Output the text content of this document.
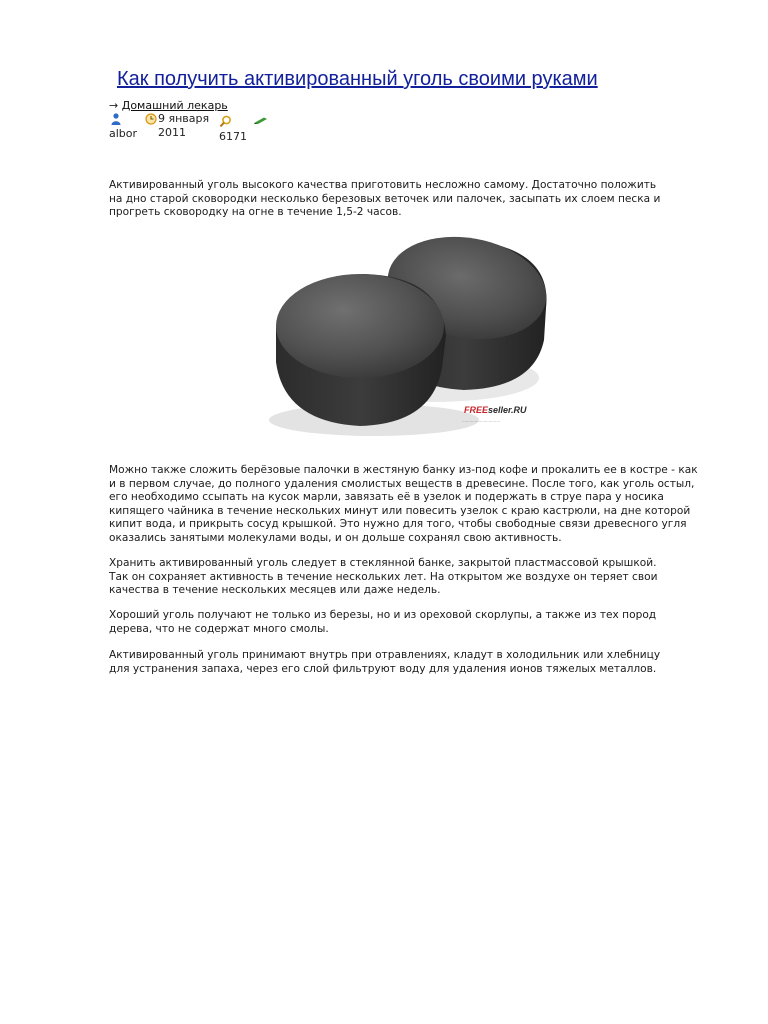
Как получить активированный уголь своими руками
→ Домашний лекарь
albor
9 января
2011	6171

Активированный уголь высокого качества приготовить несложно самому. Достаточно положить на дно старой сковородки несколько березовых веточек или палочек, засыпать их слоем песка и прогреть сковородку на огне в течение 1,5-2 часов.

FREEseller.RU
······························

Можно также сложить берёзовые палочки в жестяную банку из-под кофе и прокалить ее в костре - как и в первом случае, до полного удаления смолистых веществ в древесине. После того, как уголь остыл, его необходимо ссыпать на кусок марли, завязать её в узелок и подержать в струе пара у носика кипящего чайника в течение нескольких минут или повесить узелок с краю кастрюли, на дне которой кипит вода, и прикрыть сосуд крышкой. Это нужно для того, чтобы свободные связи древесного угля оказались занятыми молекулами воды, и он дольше сохранял свою активность.

Хранить активированный уголь следует в стеклянной банке, закрытой пластмассовой крышкой. Так он сохраняет активность в течение нескольких лет. На открытом же воздухе он теряет свои качества в течение нескольких месяцев или даже недель.

Хороший уголь получают не только из березы, но и из ореховой скорлупы, а также из тех пород дерева, что не содержат много смолы.

Активированный уголь принимают внутрь при отравлениях, кладут в холодильник или хлебницу для устранения запаха, через его слой фильтруют воду для удаления ионов тяжелых металлов.
